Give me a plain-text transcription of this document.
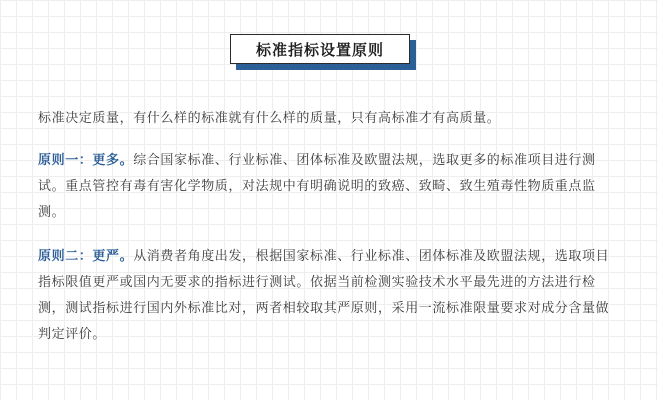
标准指标设置原则

标准决定质量，有什么样的标准就有什么样的质量，只有高标准才有高质量。

原则一：更多。综合国家标准、行业标准、团体标准及欧盟法规，选取更多的标准项目进行测试。重点管控有毒有害化学物质，对法规中有明确说明的致癌、致畸、致生殖毒性物质重点监测。

原则二：更严。从消费者角度出发，根据国家标准、行业标准、团体标准及欧盟法规，选取项目指标限值更严或国内无要求的指标进行测试。依据当前检测实验技术水平最先进的方法进行检测，测试指标进行国内外标准比对，两者相较取其严原则，采用一流标准限量要求对成分含量做判定评价。
